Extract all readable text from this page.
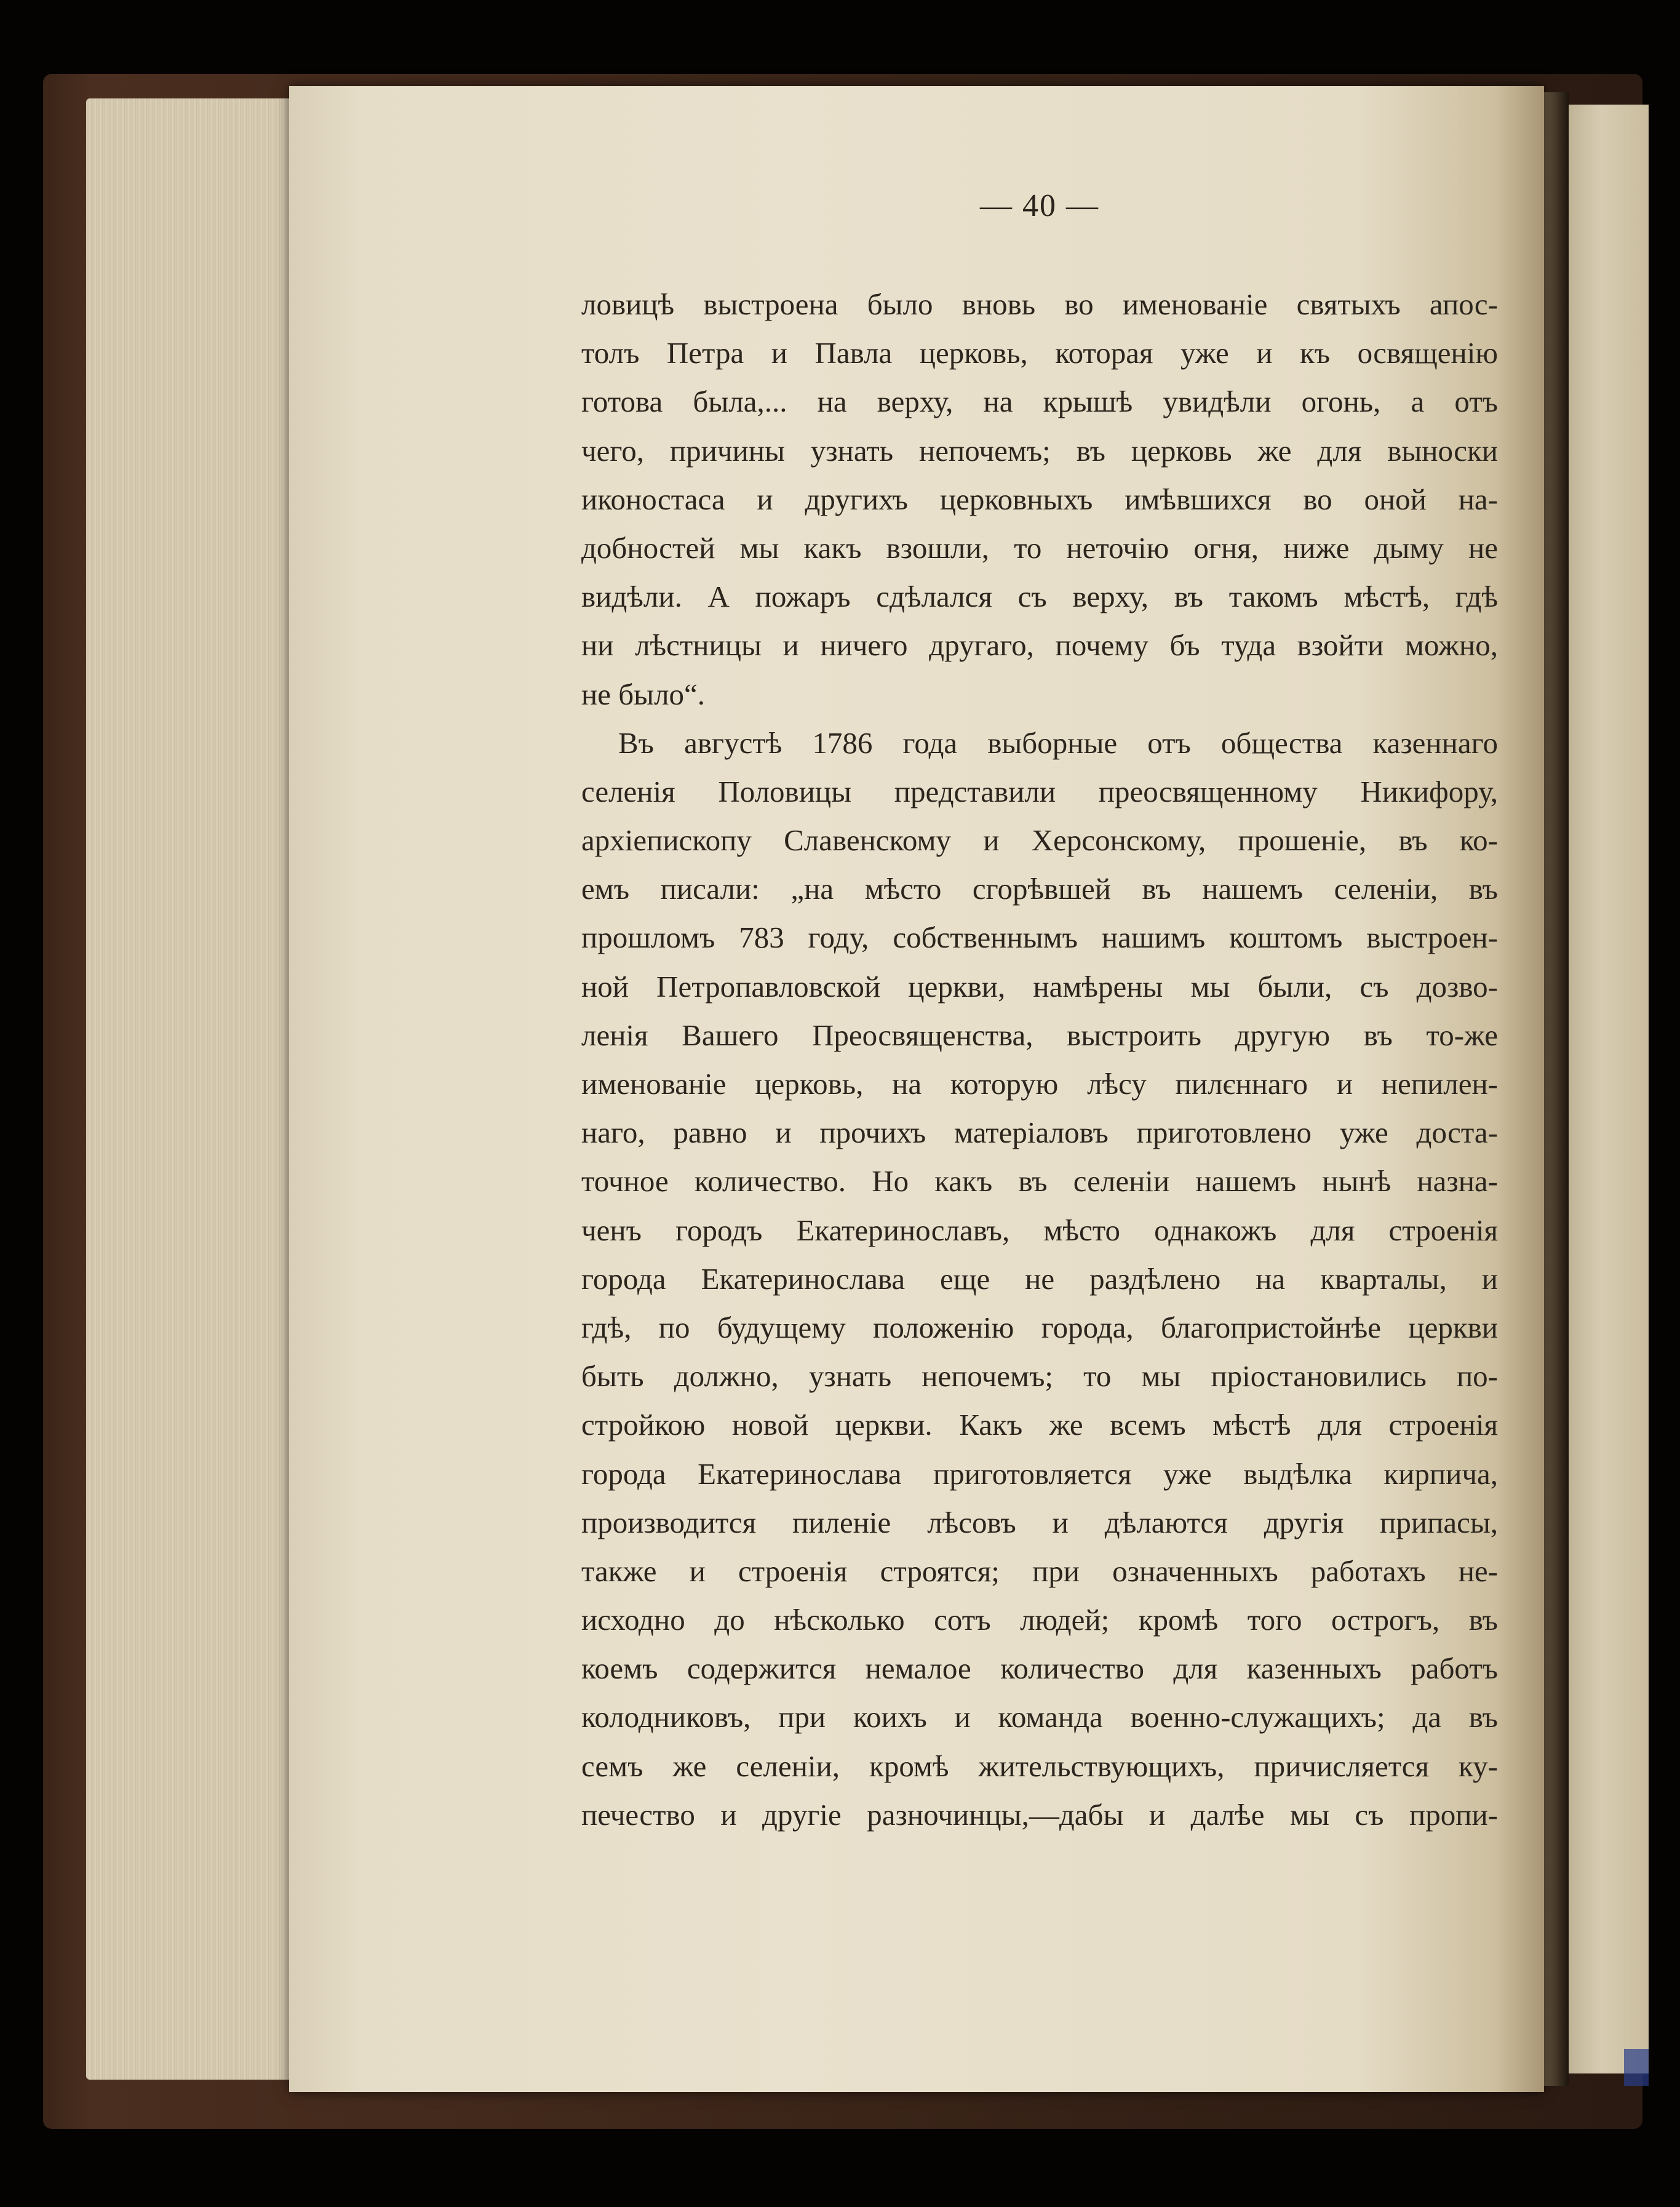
— 40 —
ловицѣ выстроена было вновь во именованіе святыхъ апос-
толъ Петра и Павла церковь, которая уже и къ освященію
готова была,... на верху, на крышѣ увидѣли огонь, а отъ
чего, причины узнать непочемъ; въ церковь же для выноски
иконостаса и другихъ церковныхъ имѣвшихся во оной на-
добностей мы какъ взошли, то неточію огня, ниже дыму не
видѣли. А пожаръ сдѣлался съ верху, въ такомъ мѣстѣ, гдѣ
ни лѣстницы и ничего другаго, почему бъ туда взойти можно,
не было“.
Въ августѣ 1786 года выборные отъ общества казеннаго
селенія Половицы представили преосвященному Никифору,
архіепископу Славенскому и Херсонскому, прошеніе, въ ко-
емъ писали: „на мѣсто сгорѣвшей въ нашемъ селеніи, въ
прошломъ 783 году, собственнымъ нашимъ коштомъ выстроен-
ной Петропавловской церкви, намѣрены мы были, съ дозво-
ленія Вашего Преосвященства, выстроить другую въ то-же
именованіе церковь, на которую лѣсу пилєннаго и непилен-
наго, равно и прочихъ матеріаловъ приготовлено уже доста-
точное количество. Но какъ въ селеніи нашемъ нынѣ назна-
ченъ городъ Екатеринославъ, мѣсто однакожъ для строенія
города Екатеринослава еще не раздѣлено на кварталы, и
гдѣ, по будущему положенію города, благопристойнѣе церкви
быть должно, узнать непочемъ; то мы пріостановились по-
стройкою новой церкви. Какъ же всемъ мѣстѣ для строенія
города Екатеринослава приготовляется уже выдѣлка кирпича,
производится пиленіе лѣсовъ и дѣлаются другія припасы,
также и строенія строятся; при означенныхъ работахъ не-
исходно до нѣсколько сотъ людей; кромѣ того острогъ, въ
коемъ содержится немалое количество для казенныхъ работъ
колодниковъ, при коихъ и команда военно-служащихъ; да въ
семъ же селеніи, кромѣ жительствующихъ, причисляется ку-
печество и другіе разночинцы,—дабы и далѣе мы съ пропи-
